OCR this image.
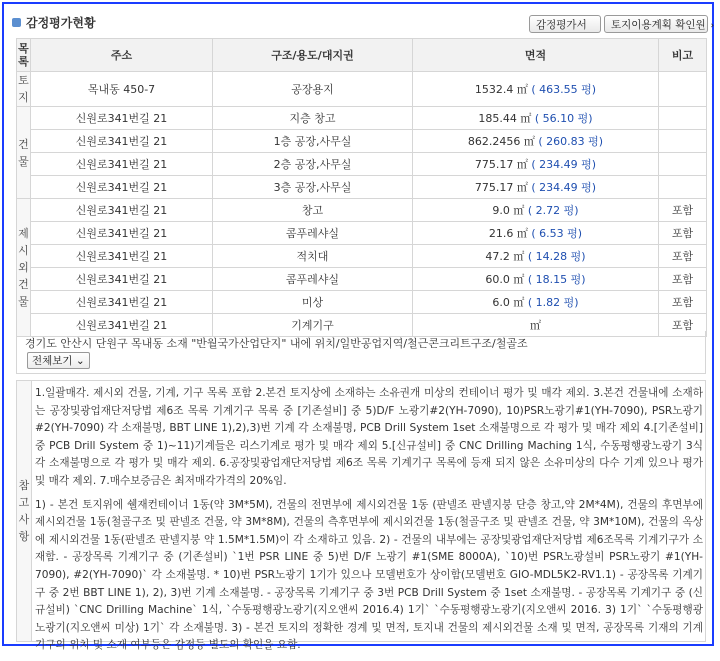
감정평가현황	감정평가서	토지이용계획 확인원 ›
목
록	주소	구조/용도/대지권	면적	비고

토
지	목내동 450-7	공장용지	1532.4 ㎡ ( 463.55 평)	

건
물	신원로341번길 21	지층 창고	185.44 ㎡ ( 56.10 평)	
	신원로341번길 21	1층 공장,사무실	862.2456 ㎡ ( 260.83 평)	
	신원로341번길 21	2층 공장,사무실	775.17 ㎡ ( 234.49 평)	
	신원로341번길 21	3층 공장,사무실	775.17 ㎡ ( 234.49 평)	

제
시
외
건
물	신원로341번길 21	창고	9.0 ㎡ ( 2.72 평)	포함
	신원로341번길 21	콤푸레샤실	21.6 ㎡ ( 6.53 평)	포함
	신원로341번길 21	적치대	47.2 ㎡ ( 14.28 평)	포함
	신원로341번길 21	콤푸레샤실	60.0 ㎡ ( 18.15 평)	포함
	신원로341번길 21	미상	6.0 ㎡ ( 1.82 평)	포함
	신원로341번길 21	기계기구	㎡	포함
경기도 안산시 단원구 목내동 소재 "반월국가산업단지" 내에 위치/일반공업지역/철근콘크리트구조/철골조
전체보기 ⌄
참
고
사
항

1.일괄매각. 제시외 건물, 기계, 기구 목록 포함 2.본건 토지상에 소재하는 소유권개 미상의 컨테이너 평가 및 매각 제외. 3.본건 건물내에 소재하는 공장및광업재단저당법 제6조 목록 기계기구 목록 중 [기존설비] 중 5)D/F 노광기#2(YH-7090), 10)PSR노광기#1(YH-7090), PSR노광기#2(YH-7090) 각 소재불명, BBT LINE 1),2),3)번 기계 각 소재불명, PCB Drill System 1set 소재불명으로 각 평가 및 매각 제외 4.[기존설비] 중 PCB Drill System 중 1)~11)기계들은 리스기계로 평가 및 매각 제외 5.[신규설비] 중 CNC Drilling Maching 1식, 수동평행광노광기 3식 각 소재불명으로 각 평가 및 매각 제외. 6.공장및광업재단저당법 제6조 목록 기계기구 목록에 등재 되지 않은 소유미상의 다수 기계 있으나 평가 및 매각 제외. 7.매수보증금은 최저매각가격의 20%임.

1) - 본건 토지위에 쉘재컨테이너 1동(약 3M*5M), 건물의 전면부에 제시외건물 1동 (판넬조 판넬지붕 단층 창고,약 2M*4M), 건물의 후면부에 제시외건물 1동(철골구조 및 판넬조 건물, 약 3M*8M), 건물의 측후면부에 제시외건물 1동(철골구조 및 판넬조 건물, 약 3M*10M), 건물의 옥상에 제시외건물 1동(판넬조 판넬지붕 약 1.5M*1.5M)이 각 소재하고 있음. 2) - 건물의 내부에는 공장및광업재단저당법 제6조목록 기계기구가 소재함. - 공장목록 기계기구 중 (기존설비) `1번 PSR LINE 중 5)번 D/F 노광기 #1(SME 8000A), `10)번 PSR노광설비 PSR노광기 #1(YH-7090), #2(YH-7090)` 각 소재불명. * 10)번 PSR노광기 1기가 있으나 모델번호가 상이함(모델번호 GIO-MDL5K2-RV1.1) - 공장목록 기계기구 중 2번 BBT LINE 1), 2), 3)번 기계 소재불명. - 공장목록 기계기구 중 3번 PCB Drill System 중 1set 소재불명. - 공장목록 기계기구 중 (신규설비) `CNC Drilling Machine` 1식, `수동평행광노광기(지오앤씨 2016.4) 1기` `수동평행광노광기(지오앤씨 2016. 3) 1기` `수동평행광노광기(지오앤씨 미상) 1기` 각 소재불명. 3) - 본건 토지의 정확한 경계 및 면적, 토지내 건물의 제시외건물 소재 및 면적, 공장목록 기재의 기계기구의 위치 및 소재 여부등은 감정등 별도의 확인을 요함.
